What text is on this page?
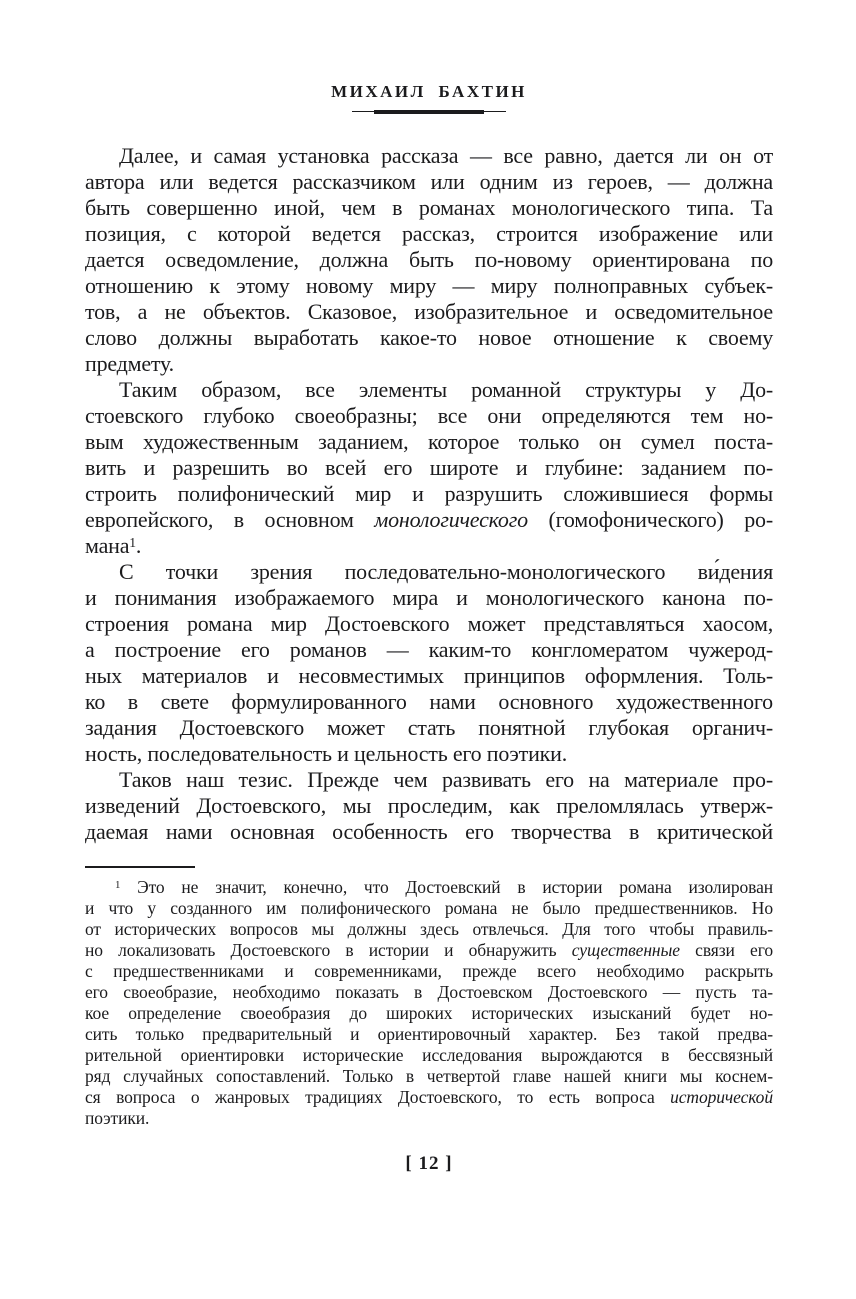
МИХАИЛ БАХТИН
Далее, и самая установка рассказа — все равно, дается ли он от
автора или ведется рассказчиком или одним из героев, — должна
быть совершенно иной, чем в романах монологического типа. Та
позиция, с которой ведется рассказ, строится изображение или
дается осведомление, должна быть по-новому ориентирована по
отношению к этому новому миру — миру полноправных субъек-
тов, а не объектов. Сказовое, изобразительное и осведомительное
слово должны выработать какое-то новое отношение к своему
предмету.
Таким образом, все элементы романной структуры у До-
стоевского глубоко своеобразны; все они определяются тем но-
вым художественным заданием, которое только он сумел поста-
вить и разрешить во всей его широте и глубине: заданием по-
строить полифонический мир и разрушить сложившиеся формы
европейского, в основном монологического (гомофонического) ро-
мана$^1$.
С точки зрения последовательно-монологического ви́дения
и понимания изображаемого мира и монологического канона по-
строения романа мир Достоевского может представляться хаосом,
а построение его романов — каким-то конгломератом чужерод-
ных материалов и несовместимых принципов оформления. Толь-
ко в свете формулированного нами основного художественного
задания Достоевского может стать понятной глубокая органич-
ность, последовательность и цельность его поэтики.
Таков наш тезис. Прежде чем развивать его на материале про-
изведений Достоевского, мы проследим, как преломлялась утверж-
даемая нами основная особенность его творчества в критической
$^1$ Это не значит, конечно, что Достоевский в истории романа изолирован
и что у созданного им полифонического романа не было предшественников. Но
от исторических вопросов мы должны здесь отвлечься. Для того чтобы правиль-
но локализовать Достоевского в истории и обнаружить существенные связи его
с предшественниками и современниками, прежде всего необходимо раскрыть
его своеобразие, необходимо показать в Достоевском Достоевского — пусть та-
кое определение своеобразия до широких исторических изысканий будет но-
сить только предварительный и ориентировочный характер. Без такой предва-
рительной ориентировки исторические исследования вырождаются в бессвязный
ряд случайных сопоставлений. Только в четвертой главе нашей книги мы коснем-
ся вопроса о жанровых традициях Достоевского, то есть вопроса исторической
поэтики.
[ 12 ]
